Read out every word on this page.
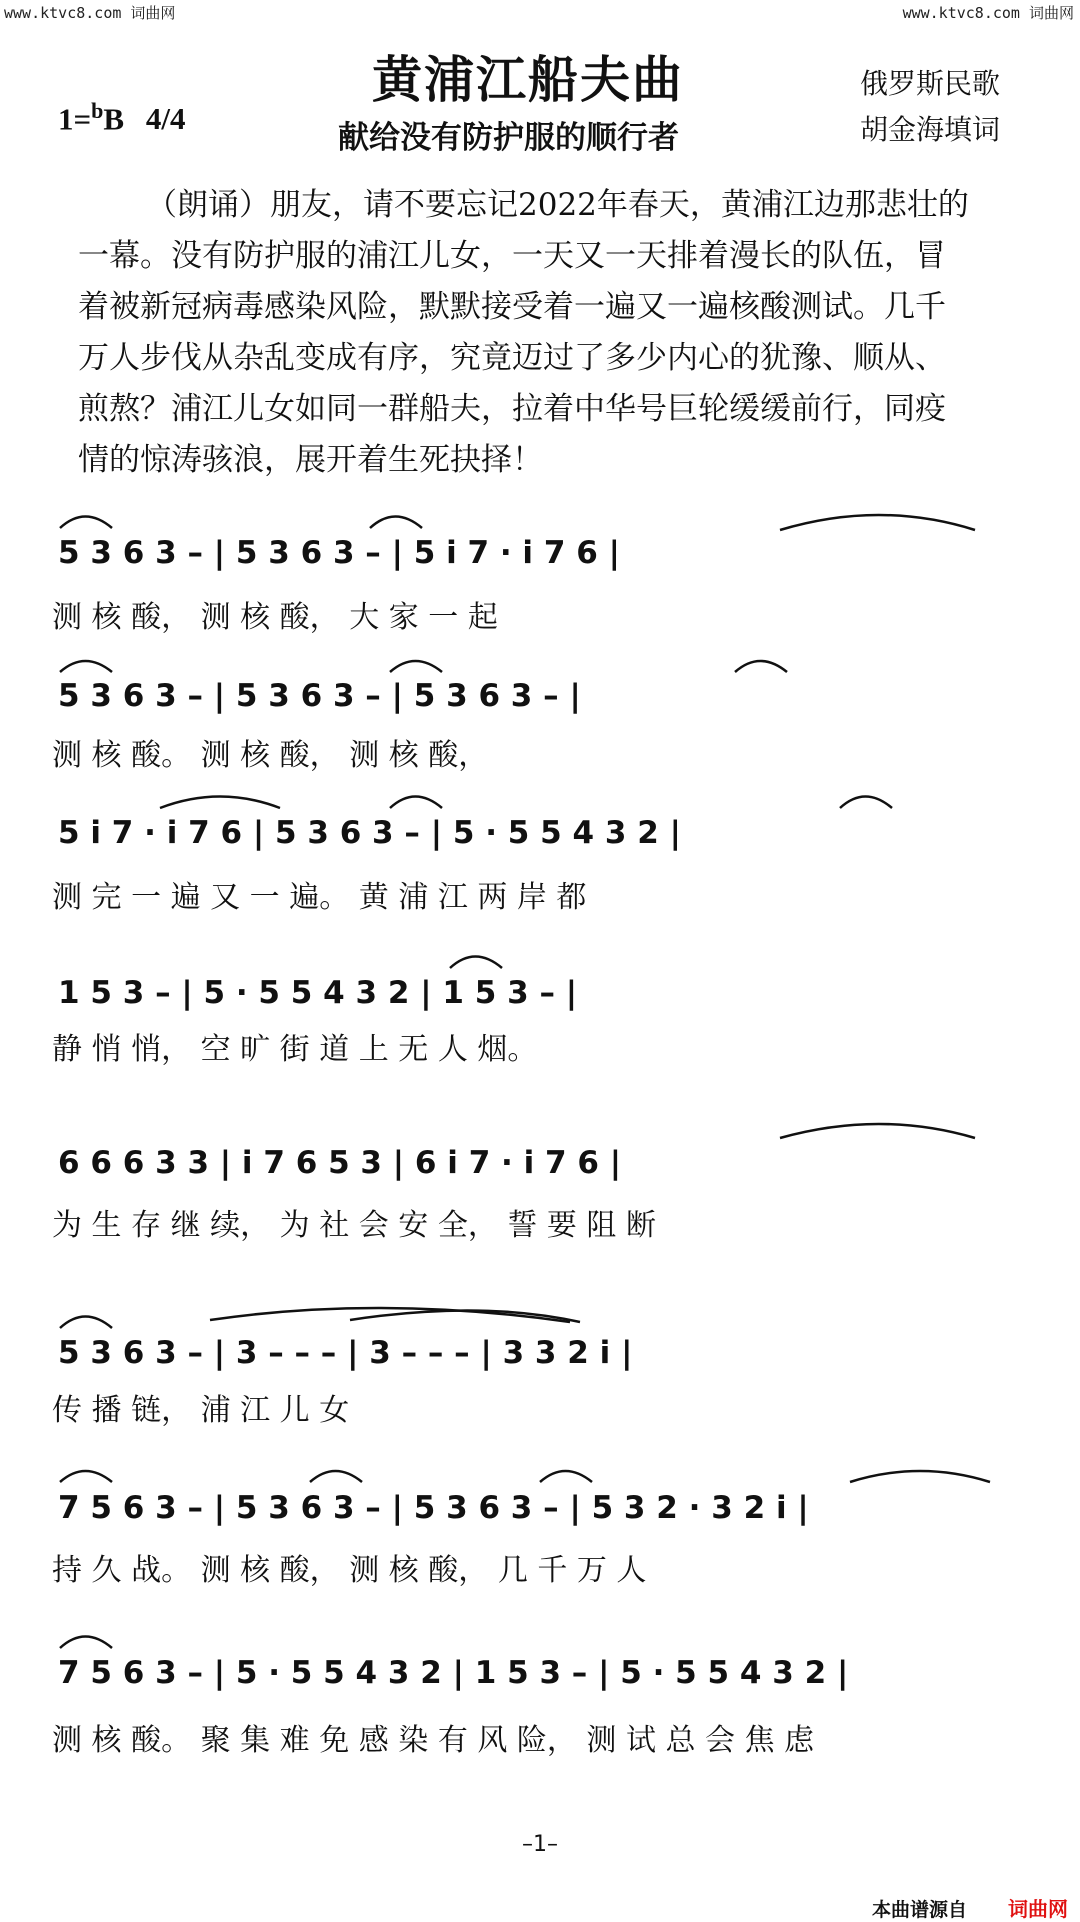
www.ktvc8.com 词曲网	www.ktvc8.com 词曲网
黄浦江船夫曲
献给没有防护服的顺行者
1=$^b$B 4/4
俄罗斯民歌
胡金海填词
（朗诵）朋友，请不要忘记2022年春天，黄浦江边那悲壮的
一幕。没有防护服的浦江儿女，一天又一天排着漫长的队伍，冒
着被新冠病毒感染风险，默默接受着一遍又一遍核酸测试。几千
万人步伐从杂乱变成有序，究竟迈过了多少内心的犹豫、顺从、
煎熬？浦江儿女如同一群船夫，拉着中华号巨轮缓缓前行，同疫
情的惊涛骇浪，展开着生死抉择！
5 3 6 3 – | 5 3 6 3 – | 5 i 7 · i 7 6 |
测 核 酸， 测 核 酸， 大 家 一 起
5 3 6 3 – | 5 3 6 3 – | 5 3 6 3 – |
测 核 酸。 测 核 酸， 测 核 酸，
5 i 7 · i 7 6 | 5 3 6 3 – | 5 · 5 5 4 3 2 |
测 完 一 遍 又 一 遍。 黄 浦 江 两 岸 都
1 5 3 – | 5 · 5 5 4 3 2 | 1 5 3 – |
静 悄 悄， 空 旷 街 道 上 无 人 烟。
6 6 6 3 3 | i 7 6 5 3 | 6 i 7 · i 7 6 |
为 生 存 继 续， 为 社 会 安 全， 誓 要 阻 断
5 3 6 3 – | 3 – – – | 3 – – – | 3 3 2 i |
传 播 链， 浦 江 儿 女
7 5 6 3 – | 5 3 6 3 – | 5 3 6 3 – | 5 3 2 · 3 2 i |
持 久 战。 测 核 酸， 测 核 酸， 几 千 万 人
7 5 6 3 – | 5 · 5 5 4 3 2 | 1 5 3 – | 5 · 5 5 4 3 2 |
测 核 酸。 聚 集 难 免 感 染 有 风 险， 测 试 总 会 焦 虑
–1–
本曲谱源自 词曲网
